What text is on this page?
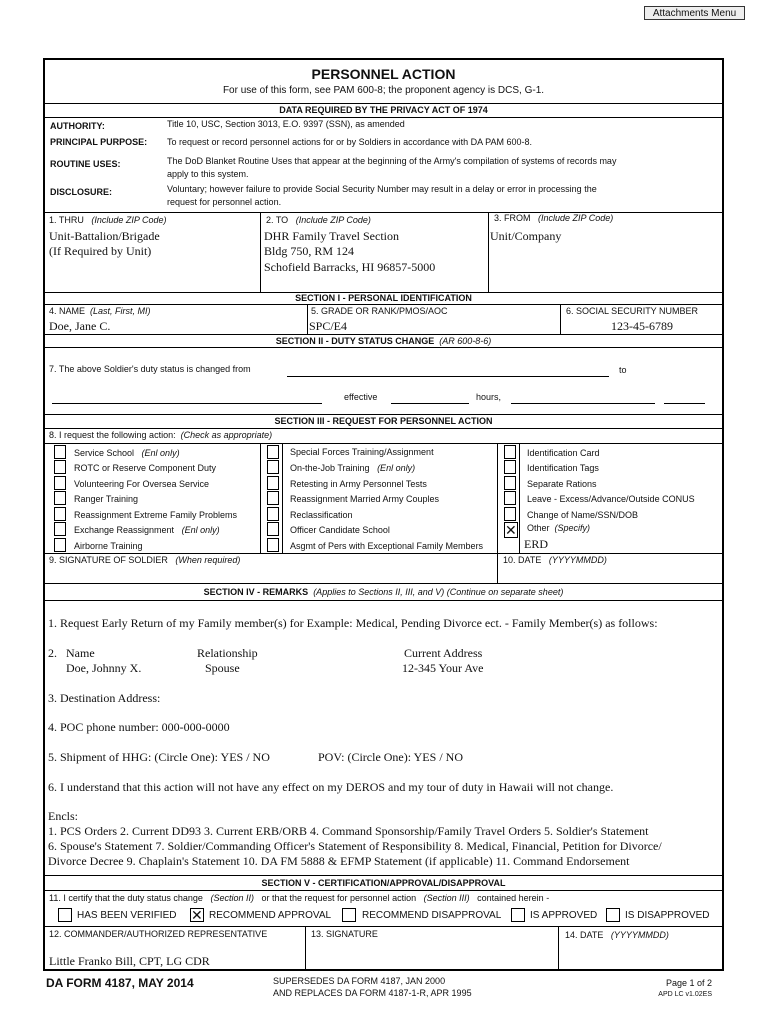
Attachments Menu
PERSONNEL ACTION
For use of this form, see PAM 600-8; the proponent agency is DCS, G-1.
DATA REQUIRED BY THE PRIVACY ACT OF 1974
AUTHORITY:	Title 10, USC, Section 3013, E.O. 9397 (SSN), as amended
PRINCIPAL PURPOSE: To request or record personnel actions for or by Soldiers in accordance with DA PAM 600-8.
ROUTINE USES:	The DoD Blanket Routine Uses that appear at the beginning of the Army's compilation of systems of records may
apply to this system.
DISCLOSURE:	Voluntary; however failure to provide Social Security Number may result in a delay or error in processing the
request for personnel action.
1. THRU (Include ZIP Code)
Unit-Battalion/Brigade
(If Required by Unit)
2. TO (Include ZIP Code)
DHR Family Travel Section
Bldg 750, RM 124
Schofield Barracks, HI 96857-5000
3. FROM (Include ZIP Code)
Unit/Company
SECTION I - PERSONAL IDENTIFICATION
4. NAME (Last, First, MI)
Doe, Jane C.
5. GRADE OR RANK/PMOS/AOC
SPC/E4
6. SOCIAL SECURITY NUMBER
123-45-6789
SECTION II - DUTY STATUS CHANGE (AR 600-8-6)
7. The above Soldier's duty status is changed from	to
effective	hours,
SECTION III - REQUEST FOR PERSONNEL ACTION
8. I request the following action: (Check as appropriate)
Service School (Enl only)
ROTC or Reserve Component Duty
Volunteering For Oversea Service
Ranger Training
Reassignment Extreme Family Problems
Exchange Reassignment (Enl only)
Airborne Training
Special Forces Training/Assignment
On-the-Job Training (Enl only)
Retesting in Army Personnel Tests
Reassignment Married Army Couples
Reclassification
Officer Candidate School
Asgmt of Pers with Exceptional Family Members
Identification Card
Identification Tags
Separate Rations
Leave - Excess/Advance/Outside CONUS
Change of Name/SSN/DOB
✕ Other (Specify)
ERD
9. SIGNATURE OF SOLDIER (When required)	10. DATE (YYYYMMDD)
SECTION IV - REMARKS (Applies to Sections II, III, and V) (Continue on separate sheet)
1. Request Early Return of my Family member(s) for Example: Medical, Pending Divorce ect. - Family Member(s) as follows:
2. Name	Relationship	Current Address
Doe, Johnny X.	Spouse	12-345 Your Ave
3. Destination Address:
4. POC phone number: 000-000-0000
5. Shipment of HHG: (Circle One): YES / NO	POV: (Circle One): YES / NO
6. I understand that this action will not have any effect on my DEROS and my tour of duty in Hawaii will not change.
Encls:
1. PCS Orders 2. Current DD93 3. Current ERB/ORB 4. Command Sponsorship/Family Travel Orders 5. Soldier's Statement
6. Spouse's Statement 7. Soldier/Commanding Officer's Statement of Responsibility 8. Medical, Financial, Petition for Divorce/
Divorce Decree 9. Chaplain's Statement 10. DA FM 5888 & EFMP Statement (if applicable) 11. Command Endorsement
SECTION V - CERTIFICATION/APPROVAL/DISAPPROVAL
11. I certify that the duty status change (Section II) or that the request for personnel action (Section III) contained herein -
HAS BEEN VERIFIED ✕ RECOMMEND APPROVAL	RECOMMEND DISAPPROVAL	IS APPROVED	IS DISAPPROVED
12. COMMANDER/AUTHORIZED REPRESENTATIVE
Little Franko Bill, CPT, LG CDR
13. SIGNATURE	14. DATE (YYYYMMDD)
DA FORM 4187, MAY 2014	SUPERSEDES DA FORM 4187, JAN 2000
AND REPLACES DA FORM 4187-1-R, APR 1995
Page 1 of 2
APD LC v1.02ES
